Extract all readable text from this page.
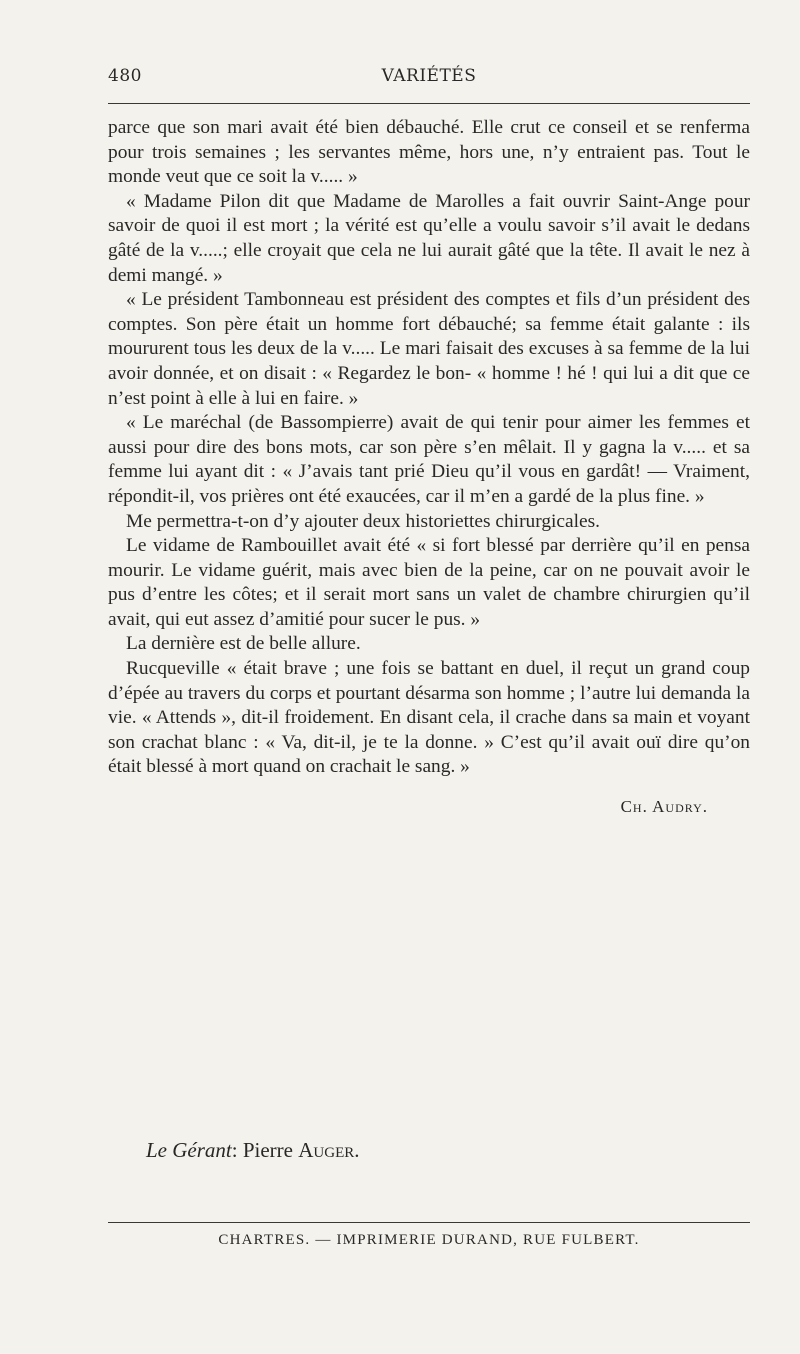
480	VARIÉTÉS

parce que son mari avait été bien débauché. Elle crut ce conseil et se renferma pour trois semaines ; les servantes même, hors une, n’y entraient pas. Tout le monde veut que ce soit la v..... »

« Madame Pilon dit que Madame de Marolles a fait ouvrir Saint-Ange pour savoir de quoi il est mort ; la vérité est qu’elle a voulu savoir s’il avait le dedans gâté de la v.....; elle croyait que cela ne lui aurait gâté que la tête. Il avait le nez à demi mangé. »

« Le président Tambonneau est président des comptes et fils d’un président des comptes. Son père était un homme fort débauché; sa femme était galante : ils moururent tous les deux de la v..... Le mari faisait des excuses à sa femme de la lui avoir donnée, et on disait : « Regardez le bon- « homme ! hé ! qui lui a dit que ce n’est point à elle à lui en faire. »

« Le maréchal (de Bassompierre) avait de qui tenir pour aimer les femmes et aussi pour dire des bons mots, car son père s’en mêlait. Il y gagna la v..... et sa femme lui ayant dit : « J’avais tant prié Dieu qu’il vous en gardât! — Vraiment, répondit-il, vos prières ont été exaucées, car il m’en a gardé de la plus fine. »

Me permettra-t-on d’y ajouter deux historiettes chirurgicales.

Le vidame de Rambouillet avait été « si fort blessé par derrière qu’il en pensa mourir. Le vidame guérit, mais avec bien de la peine, car on ne pouvait avoir le pus d’entre les côtes; et il serait mort sans un valet de chambre chirurgien qu’il avait, qui eut assez d’amitié pour sucer le pus. »

La dernière est de belle allure.

Rucqueville « était brave ; une fois se battant en duel, il reçut un grand coup d’épée au travers du corps et pourtant désarma son homme ; l’autre lui demanda la vie. « Attends », dit-il froidement. En disant cela, il crache dans sa main et voyant son crachat blanc : « Va, dit-il, je te la donne. » C’est qu’il avait ouï dire qu’on était blessé à mort quand on crachait le sang. »

Ch. Audry.
Le Gérant: Pierre Auger.
CHARTRES. — IMPRIMERIE DURAND, RUE FULBERT.
